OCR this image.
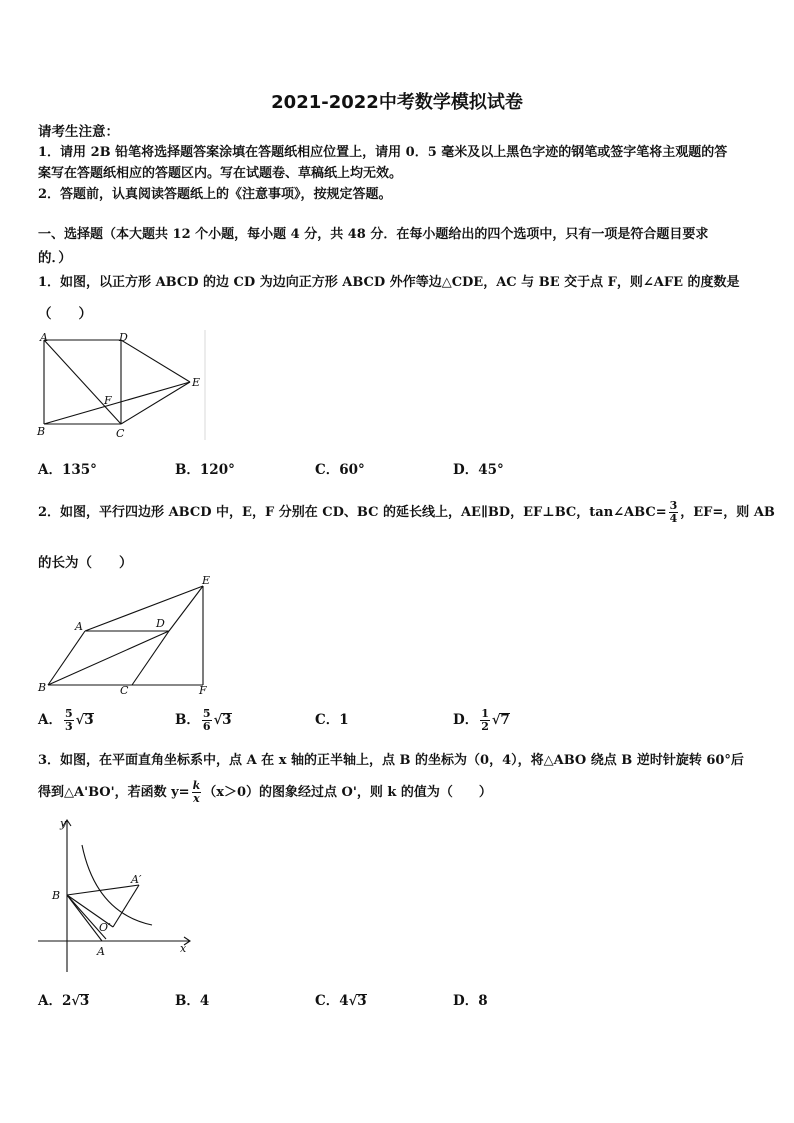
2021-2022中考数学模拟试卷
请考生注意：
1．请用 2B 铅笔将选择题答案涂填在答题纸相应位置上，请用 0．5 毫米及以上黑色字迹的钢笔或签字笔将主观题的答
案写在答题纸相应的答题区内。写在试题卷、草稿纸上均无效。
2．答题前，认真阅读答题纸上的《注意事项》，按规定答题。
一、选择题（本大题共 12 个小题，每小题 4 分，共 48 分．在每小题给出的四个选项中，只有一项是符合题目要求
的．）
1．如图，以正方形 ABCD 的边 CD 为边向正方形 ABCD 外作等边△CDE，AC 与 BE 交于点 F，则∠AFE 的度数是
（　　）
A	D
E
F
B	C
A．135°	B．120°	C．60°	D．45°
2．如图，平行四边形 ABCD 中，E，F 分别在 CD、BC 的延长线上，AE∥BD，EF⊥BC，tan∠ABC= $\frac{3}{4}$ ，EF=，则 AB
的长为（　　）
A	D
E
B	C	F
A． $\frac{5}{3} √3$	B． $\frac{5}{6} √3$	C．1	D． $\frac{1}{2} √7$
3．如图，在平面直角坐标系中，点 A 在 x 轴的正半轴上，点 B 的坐标为（0，4），将△ABO 绕点 B 逆时针旋转 60°后
得到△A'BO'，若函数 $y= \frac{k}{x} (x>0)$的图象经过点 O'，则 k 的值为（　　）
y
x
B
A′
O′
A
A．2√3	B．4	C．4√3	D．8
